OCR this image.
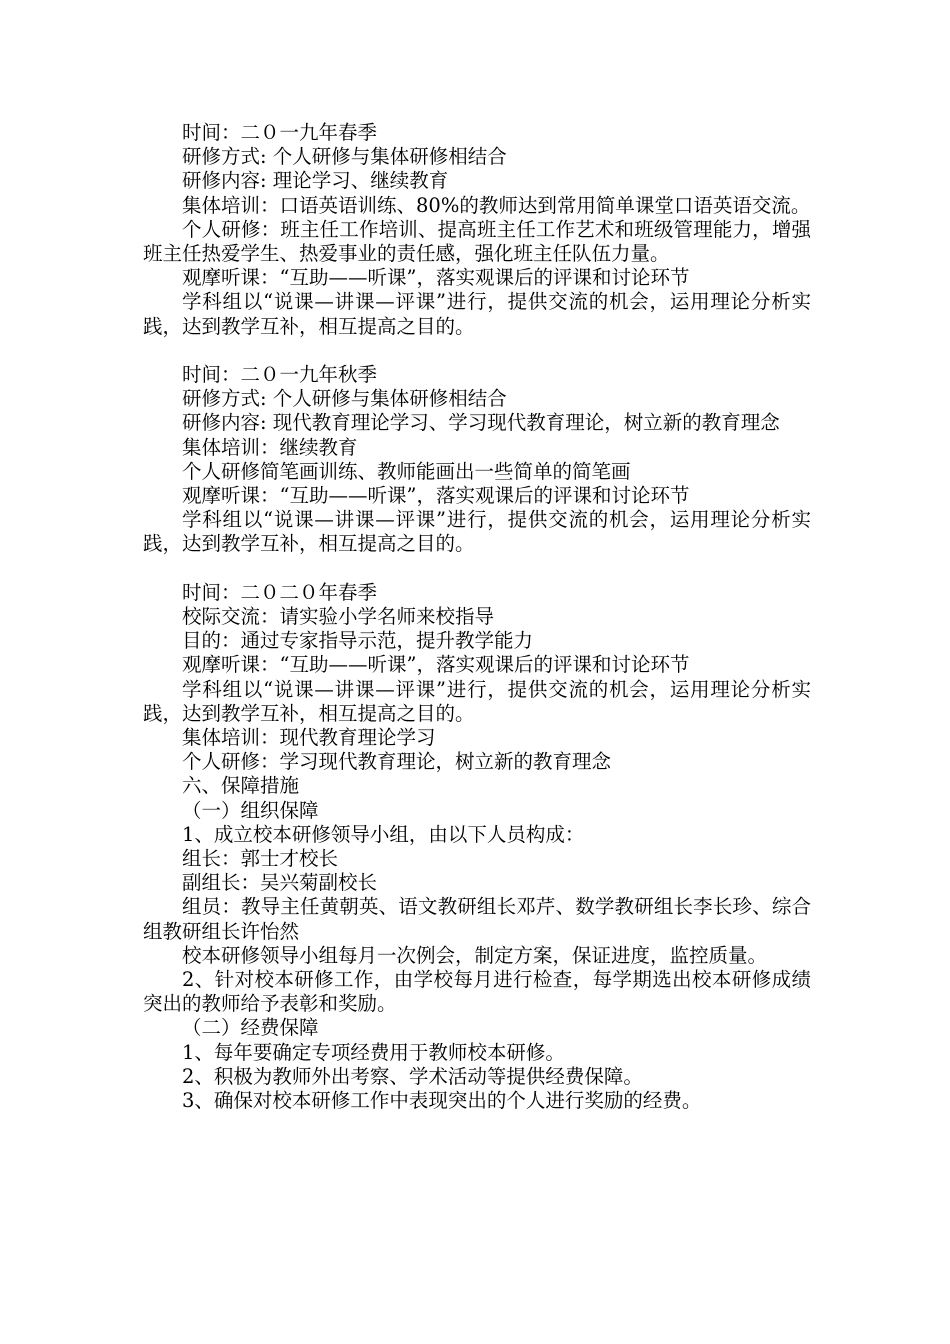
时间：二０一九年春季

研修方式: 个人研修与集体研修相结合

研修内容: 理论学习、继续教育

集体培训：口语英语训练、80%的教师达到常用简单课堂口语英语交流。

个人研修：班主任工作培训、提高班主任工作艺术和班级管理能力，增强班主任热爱学生、热爱事业的责任感，强化班主任队伍力量。

观摩听课：“互助——听课”，落实观课后的评课和讨论环节

学科组以“说课—讲课—评课”进行，提供交流的机会，运用理论分析实践，达到教学互补，相互提高之目的。

时间：二０一九年秋季

研修方式: 个人研修与集体研修相结合

研修内容: 现代教育理论学习、学习现代教育理论，树立新的教育理念

集体培训：继续教育

个人研修简笔画训练、教师能画出一些简单的简笔画

观摩听课：“互助——听课”，落实观课后的评课和讨论环节

学科组以“说课—讲课—评课”进行，提供交流的机会，运用理论分析实践，达到教学互补，相互提高之目的。

时间：二０二０年春季

校际交流：请实验小学名师来校指导

目的：通过专家指导示范，提升教学能力

观摩听课：“互助——听课”，落实观课后的评课和讨论环节

学科组以“说课—讲课—评课”进行，提供交流的机会，运用理论分析实践，达到教学互补，相互提高之目的。

集体培训：现代教育理论学习

个人研修：学习现代教育理论，树立新的教育理念

六、保障措施

（一）组织保障

1、成立校本研修领导小组，由以下人员构成：

组长：郭士才校长

副组长：吴兴菊副校长

组员：教导主任黄朝英、语文教研组长邓芹、数学教研组长李长珍、综合组教研组长许怡然

校本研修领导小组每月一次例会，制定方案，保证进度，监控质量。

2、针对校本研修工作，由学校每月进行检查，每学期选出校本研修成绩突出的教师给予表彰和奖励。

（二）经费保障

1、每年要确定专项经费用于教师校本研修。

2、积极为教师外出考察、学术活动等提供经费保障。

3、确保对校本研修工作中表现突出的个人进行奖励的经费。
